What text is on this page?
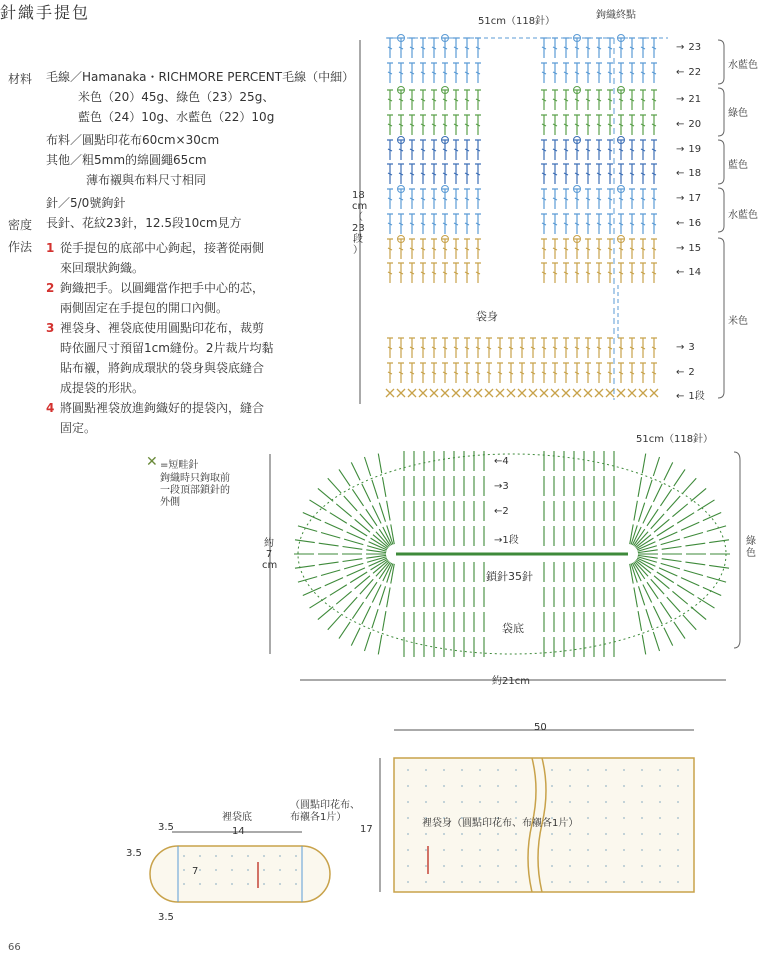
針織手提包
材料 毛線／Hamanaka・RICHMORE PERCENT毛線（中細）
米色（20）45g、綠色（23）25g、
藍色（24）10g、水藍色（22）10g
布料／圓點印花布60cm×30cm
其他／粗5mm的綿圓繩65cm
薄布襯與布料尺寸相同
針／5/0號鉤針
密度 長針、花紋23針，12.5段10cm見方
作法 1 從手提包的底部中心鉤起，接著從兩側
來回環狀鉤織。
2 鉤織把手。以圓繩當作把手中心的芯，
兩側固定在手提包的開口內側。
3 裡袋身、裡袋底使用圓點印花布，裁剪
時依圖尺寸預留1cm縫份。2片裁片均黏
貼布襯，將鉤成環狀的袋身與袋底縫合
成提袋的形狀。
4 將圓點裡袋放進鉤織好的提袋內，縫合
固定。
51cm（118針）
鉤織終點
袋身
18
cm
（
23
段
）
→ 23
← 22
→ 21
← 20
→ 19
← 18
→ 17
← 16
→ 15
← 14
→ 3
← 2
← 1段
水藍色
綠色
藍色
水藍色
米色
✕ =短畦針
鉤織時只鉤取前
一段頂部鎖針的
外側
51cm（118針）
←4
→3
←2
→1段
鎖針35針
袋底
約
7
cm
約21cm
綠色
裡袋底
（圓點印花布、
布襯各1片）
14
3.5
3.5
3.5
7
50
17
裡袋身（圓點印花布、布襯各1片）
66
